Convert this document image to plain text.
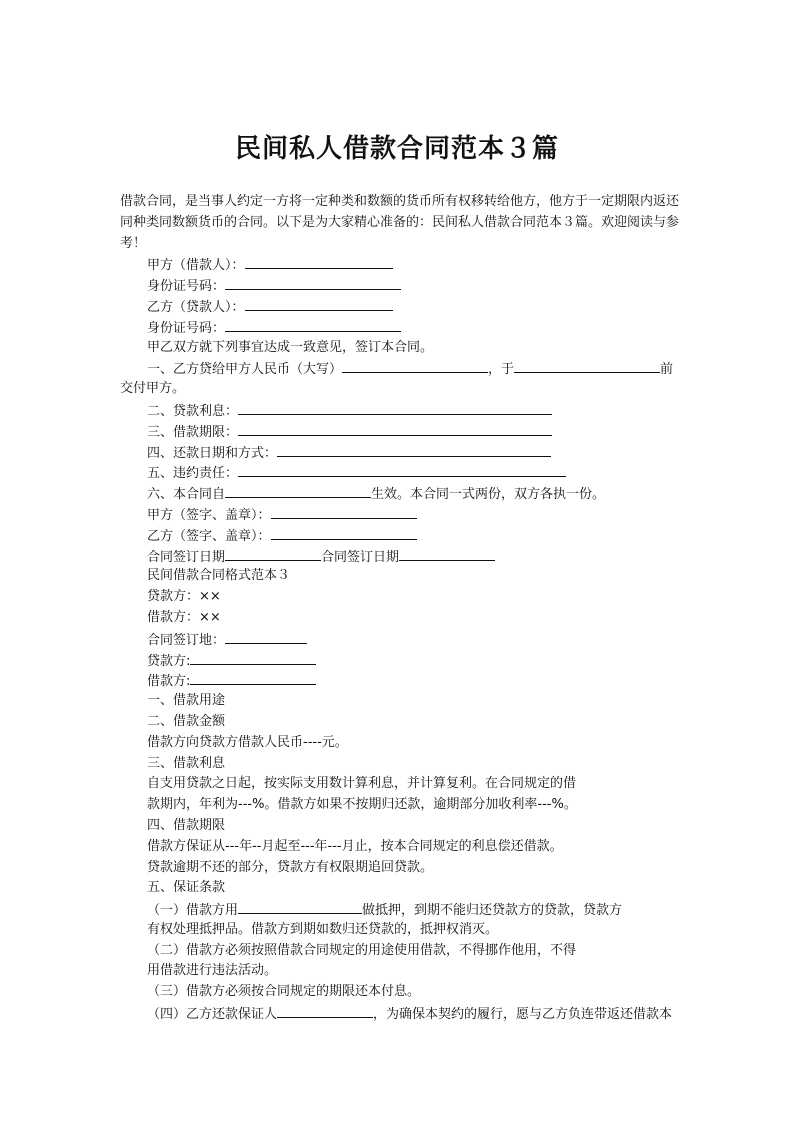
民间私人借款合同范本３篇

借款合同，是当事人约定一方将一定种类和数额的货币所有权移转给他方，他方于一定期限内返还同种类同数额货币的合同。以下是为大家精心准备的：民间私人借款合同范本３篇。欢迎阅读与参考！

甲方（借款人）：
身份证号码：
乙方（贷款人）：
身份证号码：
甲乙双方就下列事宜达成一致意见，签订本合同。
一、乙方贷给甲方人民币（大写）	，于	前
交付甲方。
二、贷款利息：
三、借款期限：
四、还款日期和方式：
五、违约责任：
六、本合同自	生效。本合同一式两份，双方各执一份。
甲方（签字、盖章）：
乙方（签字、盖章）：
合同签订日期	合同签订日期
民间借款合同格式范本３
贷款方：××
借款方：××
合同签订地：
贷款方:
借款方:
一、借款用途
二、借款金额
借款方向贷款方借款人民币----元。
三、借款利息
自支用贷款之日起，按实际支用数计算利息，并计算复利。在合同规定的借
款期内，年利为---%。借款方如果不按期归还款，逾期部分加收利率---%。
四、借款期限
借款方保证从---年--月起至---年---月止，按本合同规定的利息偿还借款。
贷款逾期不还的部分，贷款方有权限期追回贷款。
五、保证条款
（一）借款方用	做抵押，到期不能归还贷款方的贷款，贷款方
有权处理抵押品。借款方到期如数归还贷款的，抵押权消灭。
（二）借款方必须按照借款合同规定的用途使用借款，不得挪作他用，不得
用借款进行违法活动。
（三）借款方必须按合同规定的期限还本付息。
（四）乙方还款保证人	，为确保本契约的履行，愿与乙方负连带返还借款本
